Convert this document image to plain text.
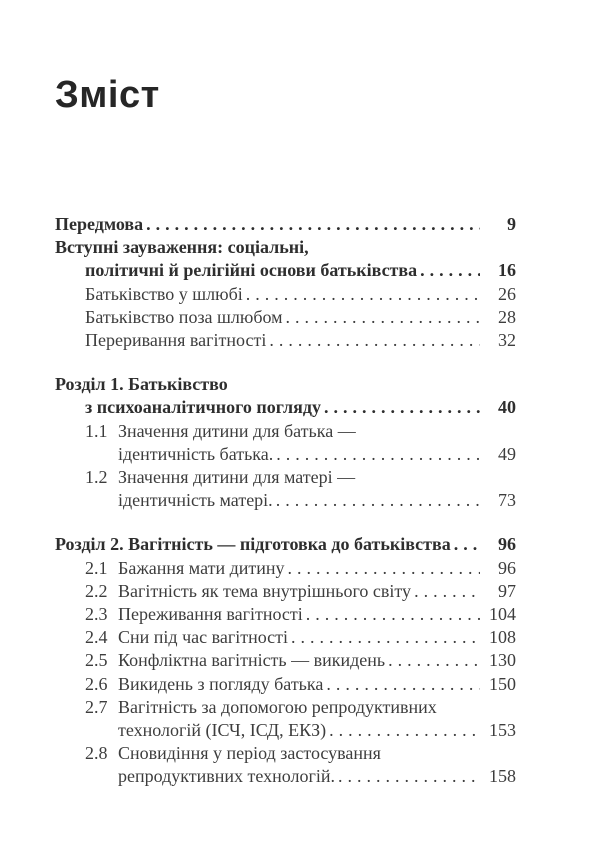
Зміст
Передмова .....	9
Вступні зауваження: соціальні,
політичні й релігійні основи батьківства .....	16
Батьківство у шлюбі .....	26
Батьківство поза шлюбом .....	28
Переривання вагітності .....	32
Розділ 1. Батьківство
з психоаналітичного погляду .....	40
1.1 Значення дитини для батька —
ідентичність батька. .....	49
1.2 Значення дитини для матері —
ідентичність матері. .....	73
Розділ 2. Вагітність — підготовка до батьківства .....	96
2.1 Бажання мати дитину .....	96
2.2 Вагітність як тема внутрішнього світу .....	97
2.3 Переживання вагітності .....	104
2.4 Сни під час вагітності .....	108
2.5 Конфліктна вагітність — викидень .....	130
2.6 Викидень з погляду батька .....	150
2.7 Вагітність за допомогою репродуктивних
технологій (ІСЧ, ІСД, ЕКЗ) .....	153
2.8 Сновидіння у період застосування
репродуктивних технологій. .....	158
